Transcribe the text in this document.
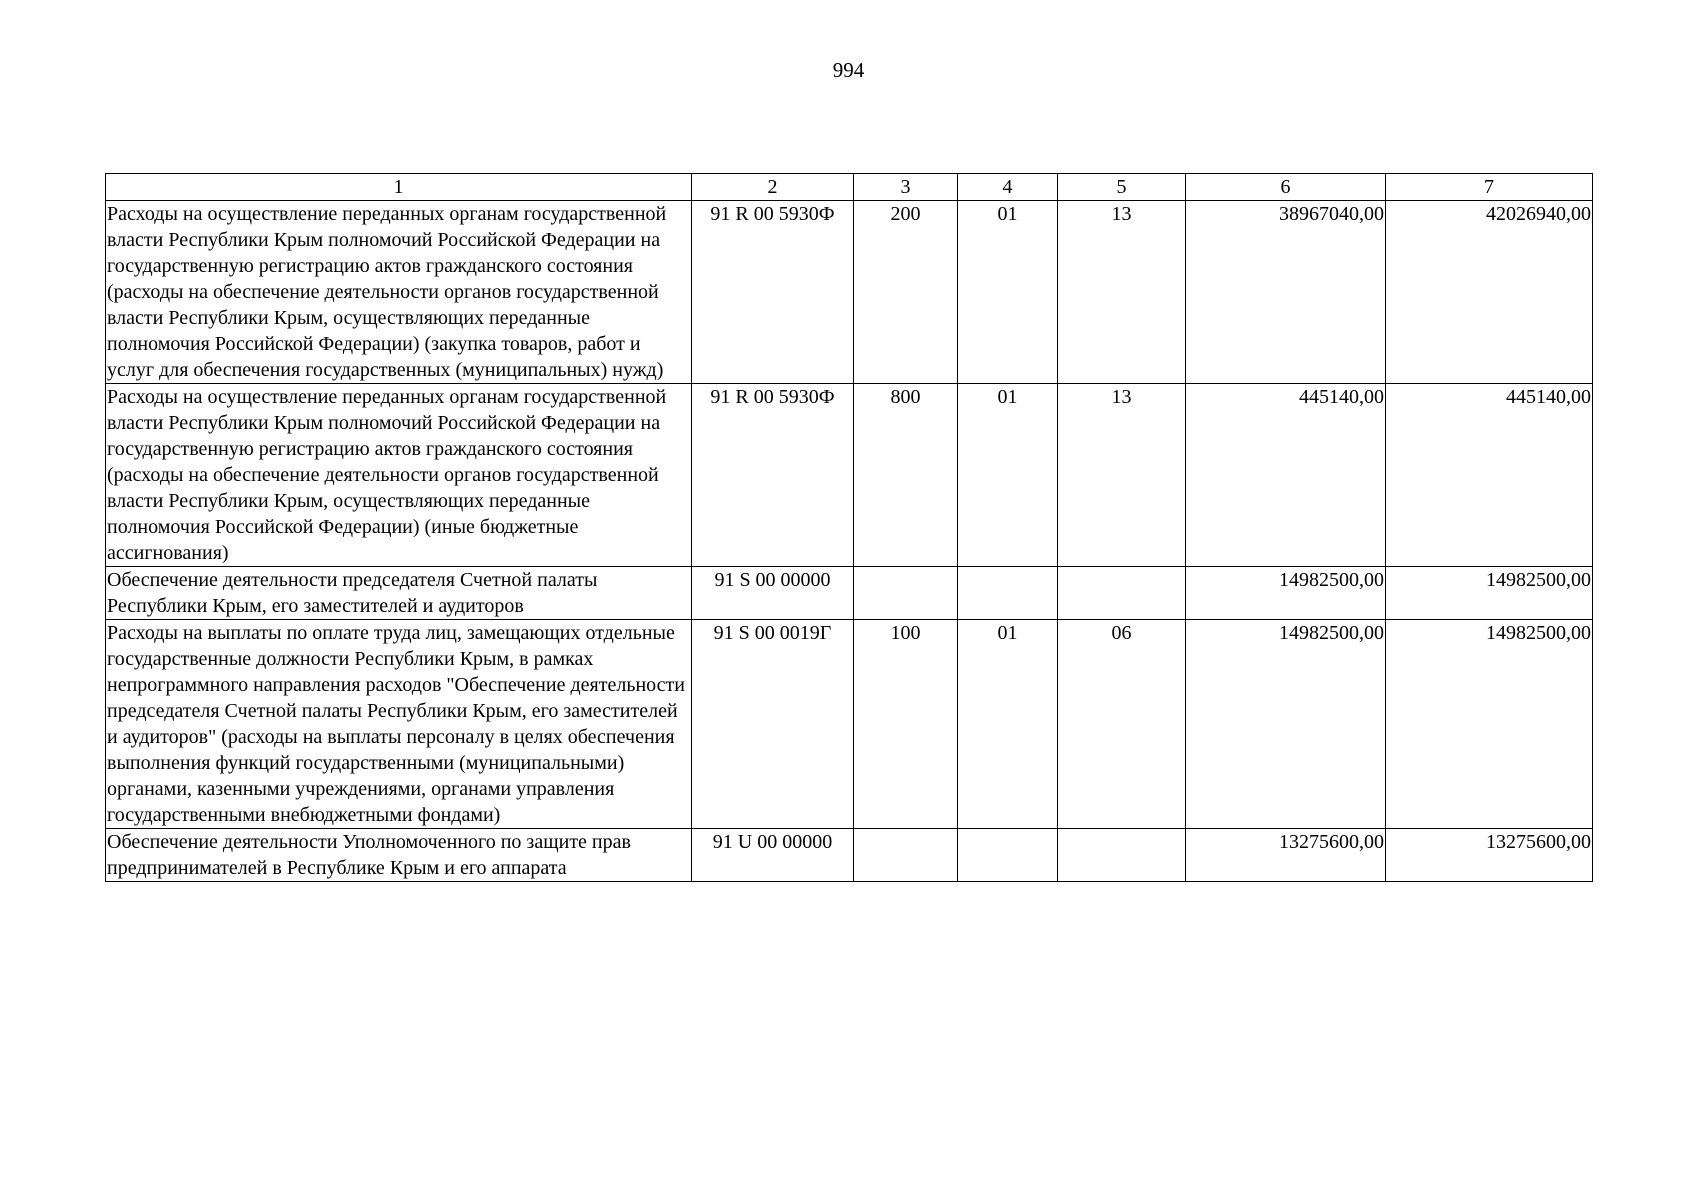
994
1	2	3	4	5	6	7
Расходы на осуществление переданных органам государственной власти Республики Крым полномочий Российской Федерации на государственную регистрацию актов гражданского состояния (расходы на обеспечение деятельности органов государственной власти Республики Крым, осуществляющих переданные полномочия Российской Федерации) (закупка товаров, работ и услуг для обеспечения государственных (муниципальных) нужд)	91 R 00 5930Ф	200	01	13	38967040,00	42026940,00
Расходы на осуществление переданных органам государственной власти Республики Крым полномочий Российской Федерации на государственную регистрацию актов гражданского состояния (расходы на обеспечение деятельности органов государственной власти Республики Крым, осуществляющих переданные полномочия Российской Федерации) (иные бюджетные ассигнования)	91 R 00 5930Ф	800	01	13	445140,00	445140,00
Обеспечение деятельности председателя Счетной палаты Республики Крым, его заместителей и аудиторов	91 S 00 00000				14982500,00	14982500,00
Расходы на выплаты по оплате труда лиц, замещающих отдельные государственные должности Республики Крым, в рамках непрограммного направления расходов "Обеспечение деятельности председателя Счетной палаты Республики Крым, его заместителей и аудиторов" (расходы на выплаты персоналу в целях обеспечения выполнения функций государственными (муниципальными) органами, казенными учреждениями, органами управления государственными внебюджетными фондами)	91 S 00 0019Г	100	01	06	14982500,00	14982500,00
Обеспечение деятельности Уполномоченного по защите прав предпринимателей в Республике Крым и его аппарата	91 U 00 00000				13275600,00	13275600,00
